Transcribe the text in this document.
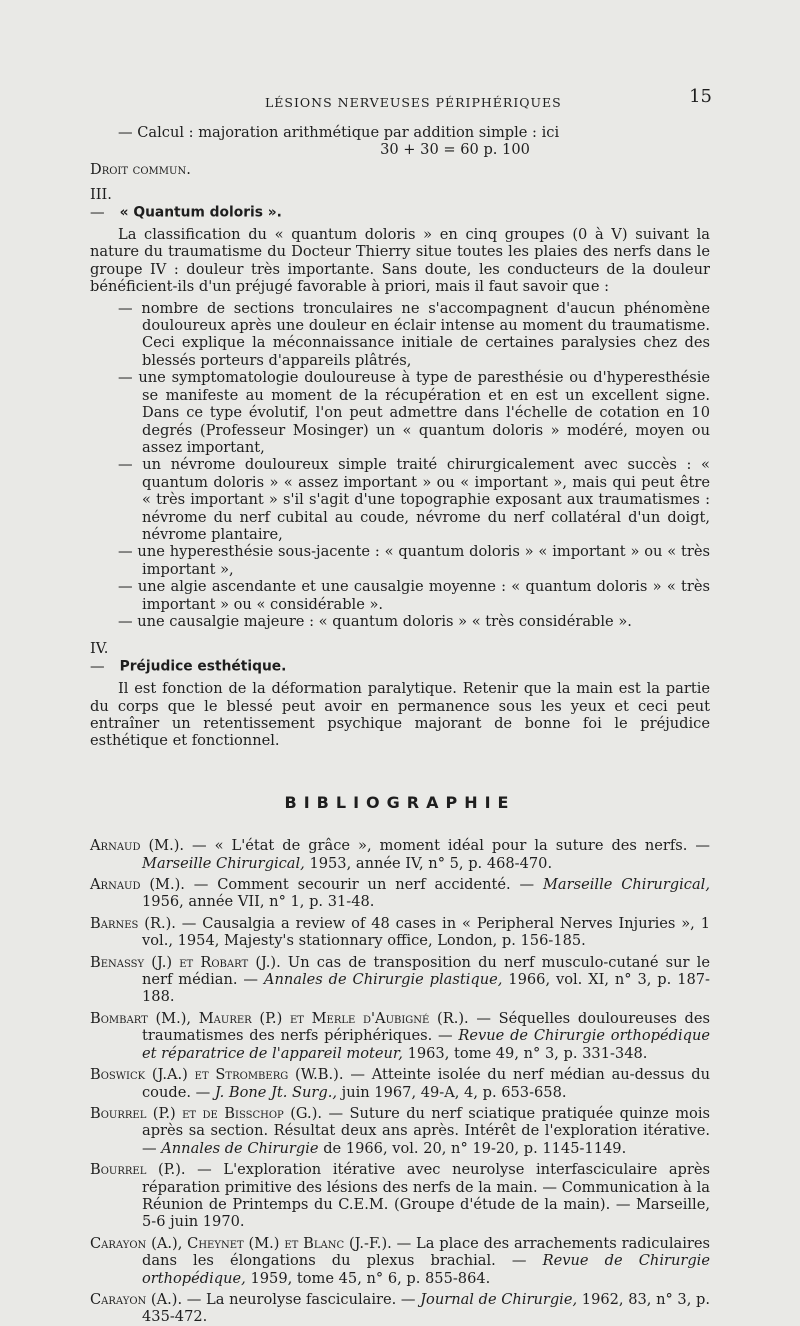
LÉSIONS NERVEUSES PÉRIPHÉRIQUES	15

— Calcul : majoration arithmétique par addition simple : ici

30 + 30 = 60 p. 100

Droit commun.

III. — « Quantum doloris ».

La classification du « quantum doloris » en cinq groupes (0 à V) suivant la nature du traumatisme du Docteur Thierry situe toutes les plaies des nerfs dans le groupe IV : douleur très importante. Sans doute, les conducteurs de la douleur bénéficient-ils d'un préjugé favorable à priori, mais il faut savoir que :

— nombre de sections tronculaires ne s'accompagnent d'aucun phénomène douloureux après une douleur en éclair intense au moment du traumatisme. Ceci explique la méconnaissance initiale de certaines paralysies chez des blessés porteurs d'appareils plâtrés,

— une symptomatologie douloureuse à type de paresthésie ou d'hyperesthésie se manifeste au moment de la récupération et en est un excellent signe. Dans ce type évolutif, l'on peut admettre dans l'échelle de cotation en 10 degrés (Professeur Mosinger) un « quantum doloris » modéré, moyen ou assez important,

— un névrome douloureux simple traité chirurgicalement avec succès : « quantum doloris » « assez important » ou « important », mais qui peut être « très important » s'il s'agit d'une topographie exposant aux traumatismes : névrome du nerf cubital au coude, névrome du nerf collatéral d'un doigt, névrome plantaire,

— une hyperesthésie sous-jacente : « quantum doloris » « important » ou « très important »,

— une algie ascendante et une causalgie moyenne : « quantum doloris » « très important » ou « considérable ».

— une causalgie majeure : « quantum doloris » « très considérable ».

IV. — Préjudice esthétique.

Il est fonction de la déformation paralytique. Retenir que la main est la partie du corps que le blessé peut avoir en permanence sous les yeux et ceci peut entraîner un retentissement psychique majorant de bonne foi le préjudice esthétique et fonctionnel.

BIBLIOGRAPHIE

Arnaud (M.). — « L'état de grâce », moment idéal pour la suture des nerfs. — Marseille Chirurgical, 1953, année IV, n° 5, p. 468-470.

Arnaud (M.). — Comment secourir un nerf accidenté. — Marseille Chirurgical, 1956, année VII, n° 1, p. 31-48.

Barnes (R.). — Causalgia a review of 48 cases in « Peripheral Nerves Injuries », 1 vol., 1954, Majesty's stationnary office, London, p. 156-185.

Benassy (J.) et Robart (J.). Un cas de transposition du nerf musculo-cutané sur le nerf médian. — Annales de Chirurgie plastique, 1966, vol. XI, n° 3, p. 187-188.

Bombart (M.), Maurer (P.) et Merle d'Aubigné (R.). — Séquelles douloureuses des traumatismes des nerfs périphériques. — Revue de Chirurgie orthopédique et réparatrice de l'appareil moteur, 1963, tome 49, n° 3, p. 331-348.

Boswick (J.A.) et Stromberg (W.B.). — Atteinte isolée du nerf médian au-dessus du coude. — J. Bone Jt. Surg., juin 1967, 49-A, 4, p. 653-658.

Bourrel (P.) et de Bisschop (G.). — Suture du nerf sciatique pratiquée quinze mois après sa section. Résultat deux ans après. Intérêt de l'exploration itérative. — Annales de Chirurgie de 1966, vol. 20, n° 19-20, p. 1145-1149.

Bourrel (P.). — L'exploration itérative avec neurolyse interfasciculaire après réparation primitive des lésions des nerfs de la main. — Communication à la Réunion de Printemps du C.E.M. (Groupe d'étude de la main). — Marseille, 5-6 juin 1970.

Carayon (A.), Cheynet (M.) et Blanc (J.-F.). — La place des arrachements radiculaires dans les élongations du plexus brachial. — Revue de Chirurgie orthopédique, 1959, tome 45, n° 6, p. 855-864.

Carayon (A.). — La neurolyse fasciculaire. — Journal de Chirurgie, 1962, 83, n° 3, p. 435-472.
